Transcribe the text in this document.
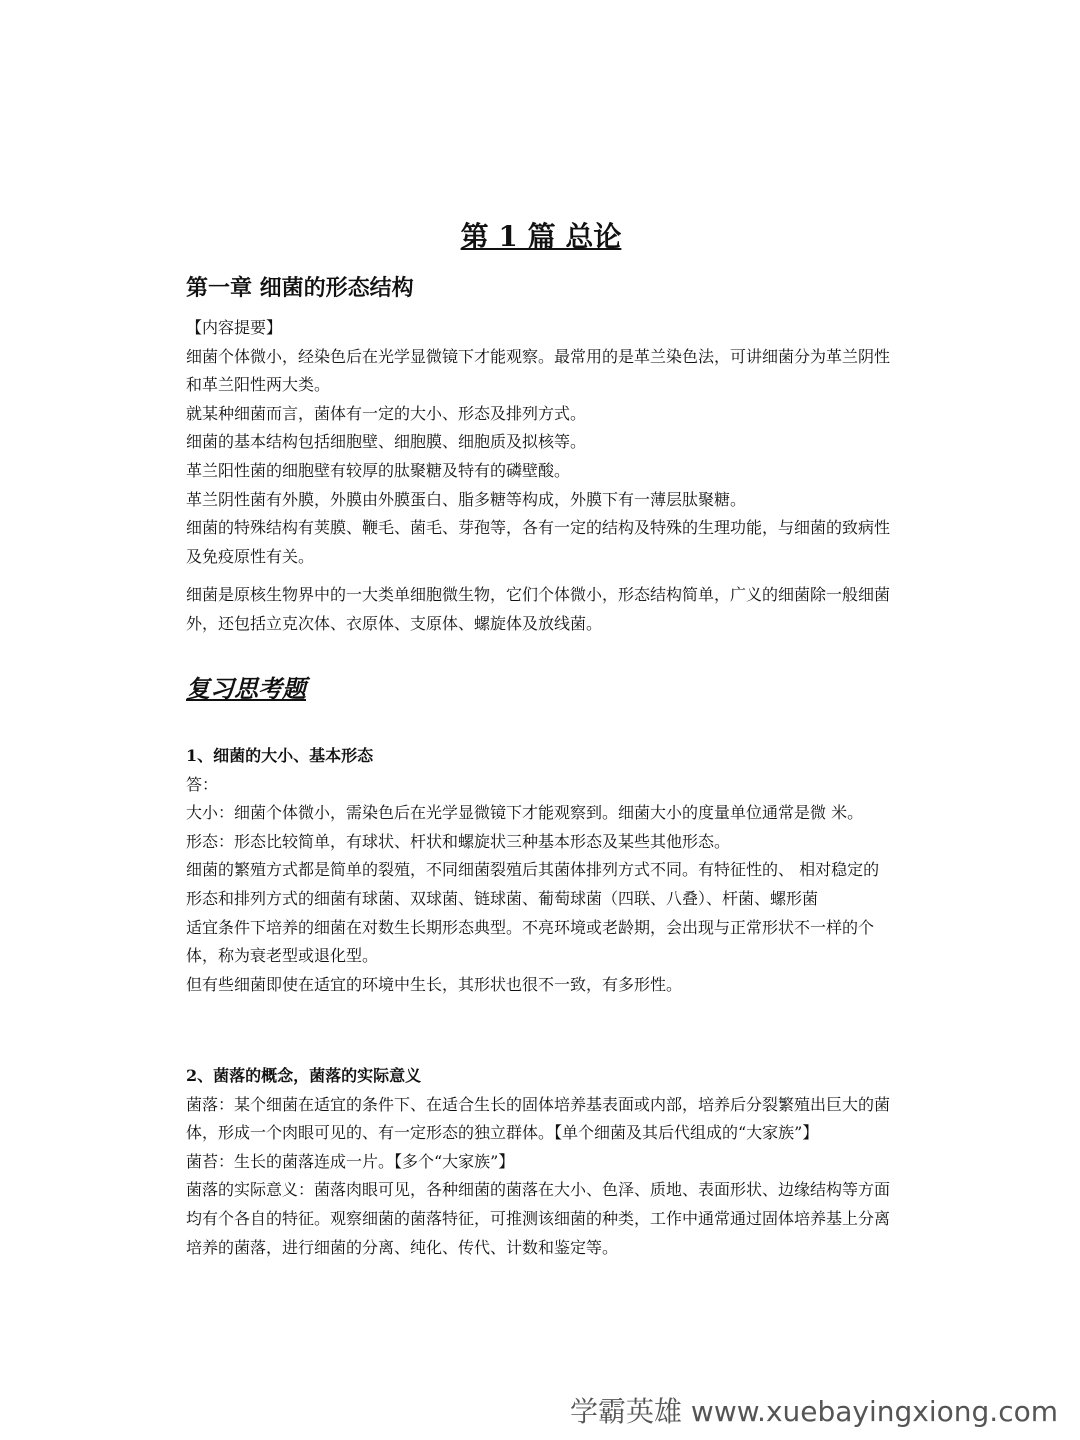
第 1 篇 总论
第一章 细菌的形态结构

【内容提要】

细菌个体微小，经染色后在光学显微镜下才能观察。最常用的是革兰染色法，可讲细菌分为革兰阴性和革兰阳性两大类。

就某种细菌而言，菌体有一定的大小、形态及排列方式。

细菌的基本结构包括细胞壁、细胞膜、细胞质及拟核等。

革兰阳性菌的细胞壁有较厚的肽聚糖及特有的磷壁酸。

革兰阴性菌有外膜，外膜由外膜蛋白、脂多糖等构成，外膜下有一薄层肽聚糖。

细菌的特殊结构有荚膜、鞭毛、菌毛、芽孢等，各有一定的结构及特殊的生理功能，与细菌的致病性及免疫原性有关。

细菌是原核生物界中的一大类单细胞微生物，它们个体微小，形态结构简单，广义的细菌除一般细菌外，还包括立克次体、衣原体、支原体、螺旋体及放线菌。

复习思考题

1、细菌的大小、基本形态

答：

大小：细菌个体微小，需染色后在光学显微镜下才能观察到。细菌大小的度量单位通常是微 米。

形态：形态比较简单，有球状、杆状和螺旋状三种基本形态及某些其他形态。

细菌的繁殖方式都是简单的裂殖，不同细菌裂殖后其菌体排列方式不同。有特征性的、 相对稳定的形态和排列方式的细菌有球菌、双球菌、链球菌、葡萄球菌（四联、八叠）、杆菌、螺形菌

适宜条件下培养的细菌在对数生长期形态典型。不亮环境或老龄期，会出现与正常形状不一样的个体，称为衰老型或退化型。

但有些细菌即使在适宜的环境中生长，其形状也很不一致，有多形性。

2、菌落的概念，菌落的实际意义

菌落：某个细菌在适宜的条件下、在适合生长的固体培养基表面或内部，培养后分裂繁殖出巨大的菌体，形成一个肉眼可见的、有一定形态的独立群体。【单个细菌及其后代组成的“大家族”】

菌苔：生长的菌落连成一片。【多个“大家族”】

菌落的实际意义：菌落肉眼可见，各种细菌的菌落在大小、色泽、质地、表面形状、边缘结构等方面均有个各自的特征。观察细菌的菌落特征，可推测该细菌的种类，工作中通常通过固体培养基上分离培养的菌落，进行细菌的分离、纯化、传代、计数和鉴定等。

学霸英雄 www.xuebayingxiong.com
